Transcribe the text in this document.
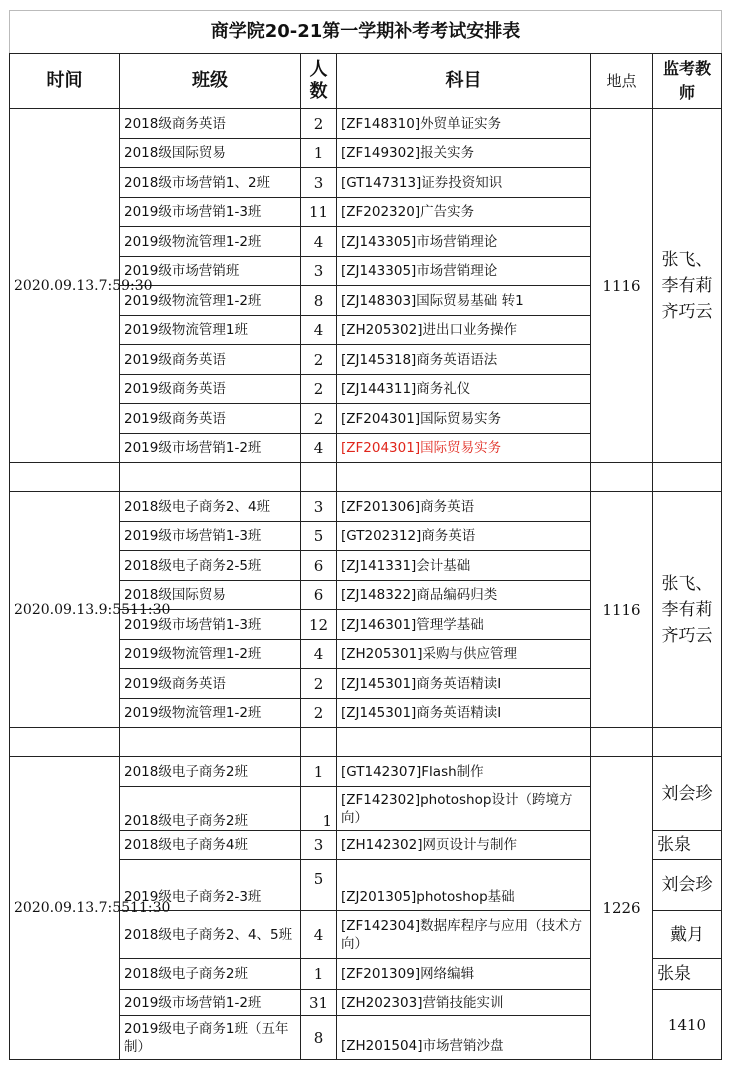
商学院20-21第一学期补考考试安排表						
时间	班级	人数	科目	地点	监考教师	
2020.09.13.7:59:30	2018级商务英语	2	[ZF148310]外贸单证实务	1116	张飞、李有莉齐巧云	
	2018级国际贸易	1	[ZF149302]报关实务			
	2018级市场营销1、2班	3	[GT147313]证券投资知识			
	2019级市场营销1-3班	11	[ZF202320]广告实务			
	2019级物流管理1-2班	4	[ZJ143305]市场营销理论			
	2019级市场营销班	3	[ZJ143305]市场营销理论			
	2019级物流管理1-2班	8	[ZJ148303]国际贸易基础 转1			
	2019级物流管理1班	4	[ZH205302]进出口业务操作			
	2019级商务英语	2	[ZJ145318]商务英语语法			
	2019级商务英语	2	[ZJ144311]商务礼仪			
	2019级商务英语	2	[ZF204301]国际贸易实务			
	2019级市场营销1-2班	4	[ZF204301]国际贸易实务			

2020.09.13.9:5511:30	2018级电子商务2、4班	3	[ZF201306]商务英语	1116	张飞、李有莉齐巧云	
	2019级市场营销1-3班	5	[GT202312]商务英语			
	2018级电子商务2-5班	6	[ZJ141331]会计基础			
	2018级国际贸易	6	[ZJ148322]商品编码归类			
	2019级市场营销1-3班	12	[ZJ146301]管理学基础			
	2019级物流管理1-2班	4	[ZH205301]采购与供应管理			
	2019级商务英语	2	[ZJ145301]商务英语精读I			
	2019级物流管理1-2班	2	[ZJ145301]商务英语精读I			

2020.09.13.7:5511:30	2018级电子商务2班	1	[GT142307]Flash制作	1226	刘会珍	
	2018级电子商务2班	1	[ZF142302]photoshop设计（跨境方向）			
	2018级电子商务4班	3	[ZH142302]网页设计与制作		张泉	
	2019级电子商务2-3班	5	[ZJ201305]photoshop基础		刘会珍	
	2018级电子商务2、4、5班	4	[ZF142304]数据库程序与应用（技术方向）		戴月	
	2018级电子商务2班	1	[ZF201309]网络编辑		张泉	
	2019级市场营销1-2班	31	[ZH202303]营销技能实训		1410	
	2019级电子商务1班（五年制）	8	[ZH201504]市场营销沙盘			
